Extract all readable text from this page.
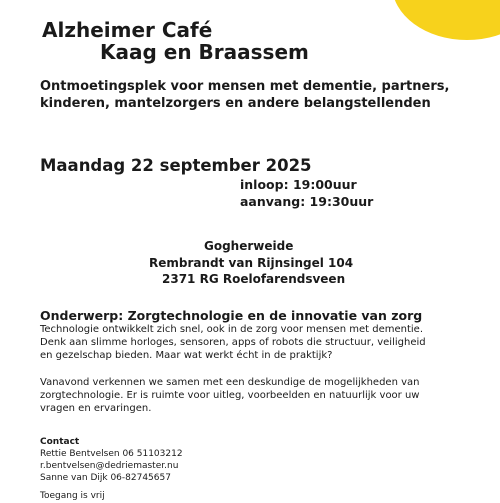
Alzheimer Café
Kaag en Braassem
Ontmoetingsplek voor mensen met dementie, partners,
kinderen, mantelzorgers en andere belangstellenden
Maandag 22 september 2025
inloop: 19:00uur
aanvang: 19:30uur
Gogherweide
Rembrandt van Rijnsingel 104
2371 RG Roelofarendsveen
Onderwerp: Zorgtechnologie en de innovatie van zorg
Technologie ontwikkelt zich snel, ook in de zorg voor mensen met dementie.
Denk aan slimme horloges, sensoren, apps of robots die structuur, veiligheid
en gezelschap bieden. Maar wat werkt écht in de praktijk?
Vanavond verkennen we samen met een deskundige de mogelijkheden van
zorgtechnologie. Er is ruimte voor uitleg, voorbeelden en natuurlijk voor uw
vragen en ervaringen.
Contact
Rettie Bentvelsen 06 51103212
r.bentvelsen@dedriemaster.nu
Sanne van Dijk 06-82745657
Toegang is vrij
